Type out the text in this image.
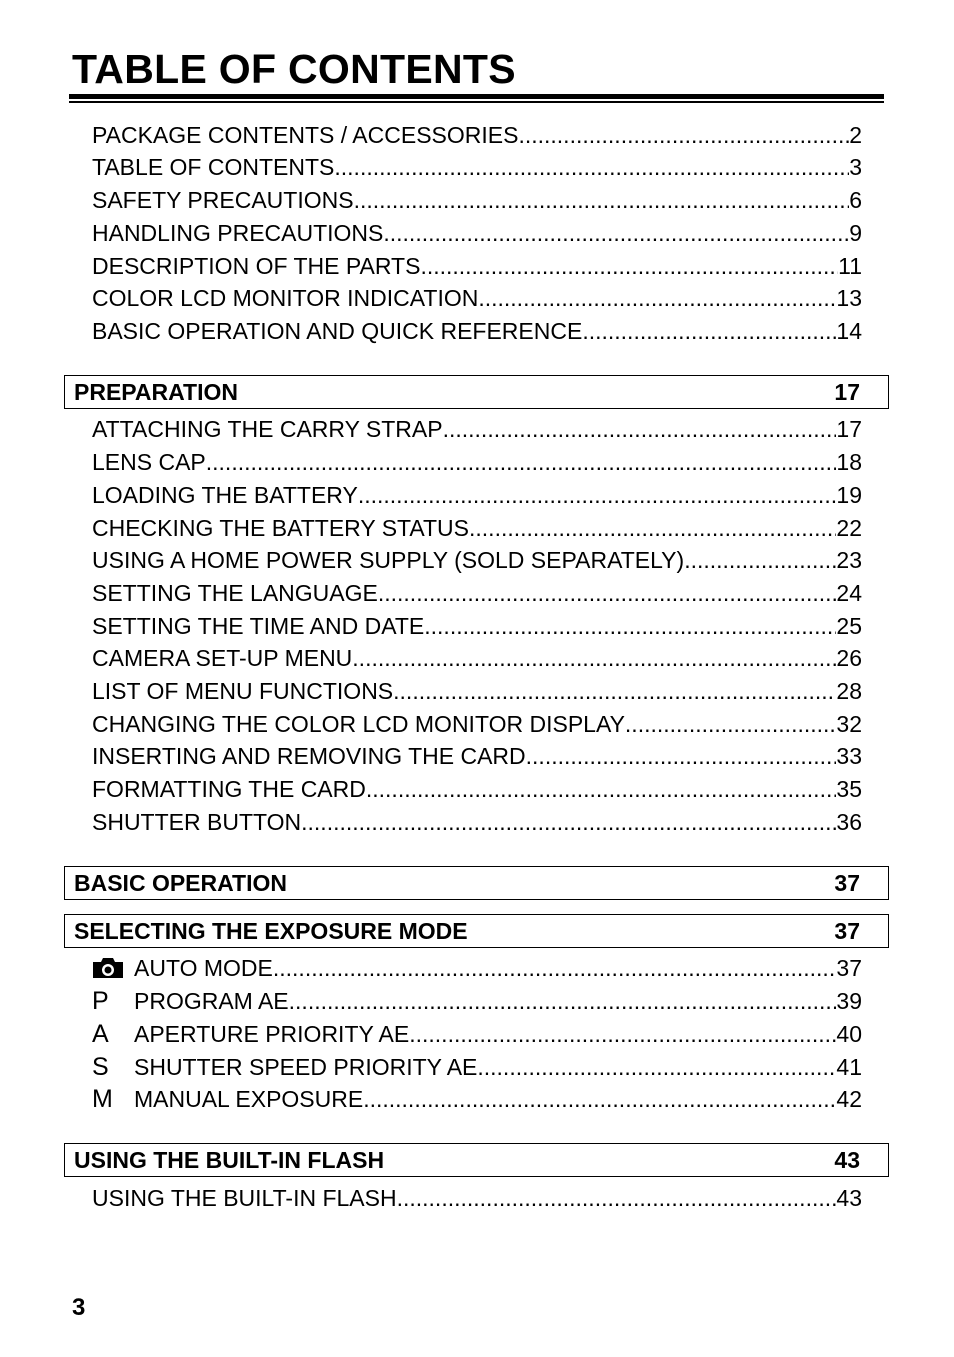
TABLE OF CONTENTS
PACKAGE CONTENTS / ACCESSORIES .....	2
TABLE OF CONTENTS .....	3
SAFETY PRECAUTIONS .....	6
HANDLING PRECAUTIONS .....	9
DESCRIPTION OF THE PARTS .....	11
COLOR LCD MONITOR INDICATION .....	13
BASIC OPERATION AND QUICK REFERENCE .....	14
PREPARATION	17
ATTACHING THE CARRY STRAP .....	17
LENS CAP .....	18
LOADING THE BATTERY .....	19
CHECKING THE BATTERY STATUS .....	22
USING A HOME POWER SUPPLY (SOLD SEPARATELY) .....	23
SETTING THE LANGUAGE .....	24
SETTING THE TIME AND DATE .....	25
CAMERA SET-UP MENU .....	26
LIST OF MENU FUNCTIONS .....	28
CHANGING THE COLOR LCD MONITOR DISPLAY .....	32
INSERTING AND REMOVING THE CARD .....	33
FORMATTING THE CARD .....	35
SHUTTER BUTTON .....	36
BASIC OPERATION	37
SELECTING THE EXPOSURE MODE	37
AUTO MODE .....	37
P	PROGRAM AE .....	39
A	APERTURE PRIORITY AE .....	40
S	SHUTTER SPEED PRIORITY AE .....	41
M MANUAL EXPOSURE .....	42
USING THE BUILT-IN FLASH	43
USING THE BUILT-IN FLASH .....	43
3
